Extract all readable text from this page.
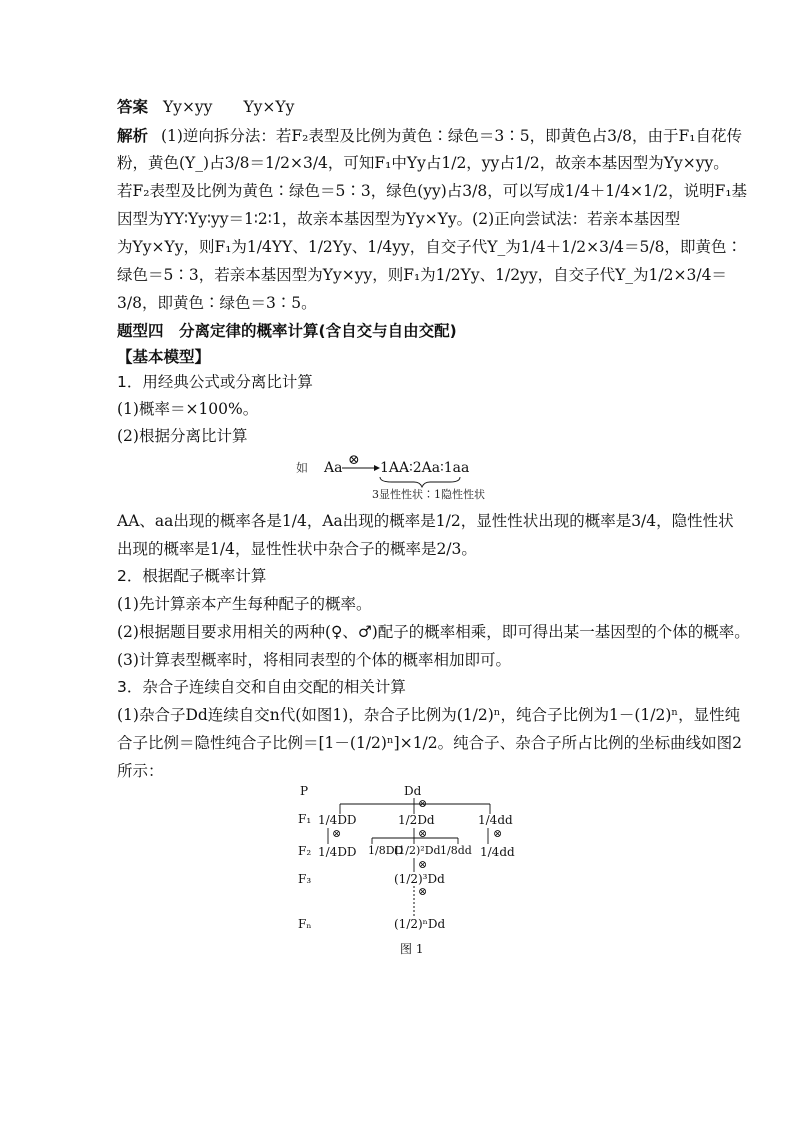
答案 Yy×yy　　Yy×Yy
解析 (1)逆向拆分法：若F₂表型及比例为黄色∶绿色＝3∶5，即黄色占3/8，由于F₁自花传
粉，黄色(Y_)占3/8＝1/2×3/4，可知F₁中Yy占1/2，yy占1/2，故亲本基因型为Yy×yy。
若F₂表型及比例为黄色∶绿色＝5∶3，绿色(yy)占3/8，可以写成1/4＋1/4×1/2，说明F₁基
因型为YY∶Yy∶yy＝1∶2∶1，故亲本基因型为Yy×Yy。(2)正向尝试法：若亲本基因型
为Yy×Yy，则F₁为1/4YY、1/2Yy、1/4yy，自交子代Y_为1/4＋1/2×3/4＝5/8，即黄色∶
绿色＝5∶3，若亲本基因型为Yy×yy，则F₁为1/2Yy、1/2yy，自交子代Y_为1/2×3/4＝
3/8，即黄色∶绿色＝3∶5。
题型四　分离定律的概率计算(含自交与自由交配)
【基本模型】
1．用经典公式或分离比计算
(1)概率＝×100%。
(2)根据分离比计算
如 Aa ⊗ 1AA∶2Aa∶1aa
3显性性状∶1隐性性状
AA、aa出现的概率各是1/4，Aa出现的概率是1/2，显性性状出现的概率是3/4，隐性性状
出现的概率是1/4，显性性状中杂合子的概率是2/3。
2．根据配子概率计算
(1)先计算亲本产生每种配子的概率。
(2)根据题目要求用相关的两种(♀、♂)配子的概率相乘，即可得出某一基因型的个体的概率。
(3)计算表型概率时，将相同表型的个体的概率相加即可。
3．杂合子连续自交和自由交配的相关计算
(1)杂合子Dd连续自交n代(如图1)，杂合子比例为(1/2)ⁿ，纯合子比例为1－(1/2)ⁿ，显性纯
合子比例＝隐性纯合子比例＝[1－(1/2)ⁿ]×1/2。纯合子、杂合子所占比例的坐标曲线如图2
所示：
P
F₁
F₂
F₃
Fₙ
Dd
⊗
1/4DD	1/2Dd	1/4dd
⊗	⊗	⊗
1/4DD 1/8DD
(1/2)²Dd 1/8dd 1/4dd
⊗
(1/2)³Dd
⊗
(1/2)ⁿDd
图 1
